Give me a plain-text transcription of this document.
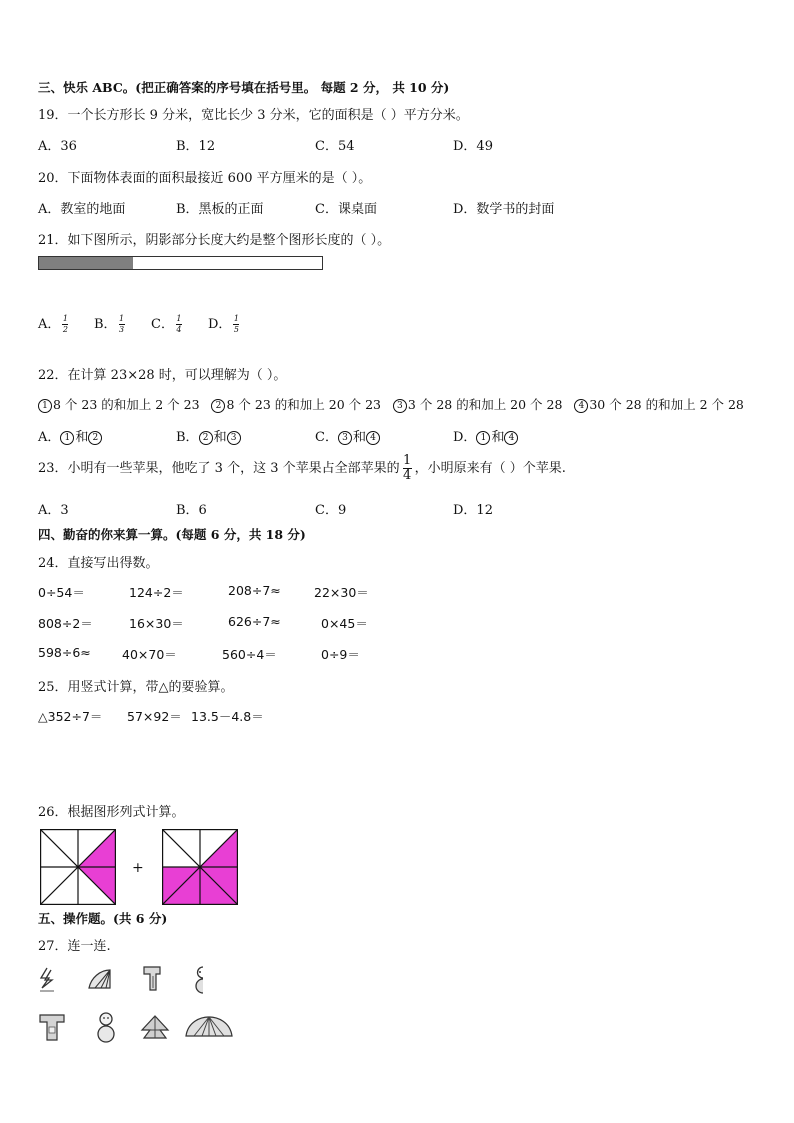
三、快乐 ABC。(把正确答案的序号填在括号里。 每题 2 分， 共 10 分)
19．一个长方形长 9 分米，宽比长少 3 分米，它的面积是（ ）平方分米。
A．36	B．12	C．54	D．49
20．下面物体表面的面积最接近 600 平方厘米的是（ ）。
A．教室的地面	B．黑板的正面	C．课桌面	D．数学书的封面
21．如下图所示，阴影部分长度大约是整个图形长度的（ ）。
A． $\frac{1}{2}$ B． $\frac{1}{3}$ C． $\frac{1}{4}$ D． $\frac{1}{5}$
22．在计算 23×28 时，可以理解为（ ）。
1 8 个 23 的和加上 2 个 23 2 8 个 23 的和加上 20 个 23 3 3 个 28 的和加上 20 个 28 4 30 个 28 的和加上 2 个 28
A． 1 和 2	B． 2 和 3	C． 3 和 4	D． 1 和 4
23．小明有一些苹果，他吃了 3 个，这 3 个苹果占全部苹果的 $\frac{1}{4}$ ，小明原来有（ ）个苹果.
A．3	B．6	C．9	D．12
四、勤奋的你来算一算。(每题 6 分，共 18 分)
24．直接写出得数。
0÷54＝	124÷2＝	208÷7≈	22×30＝
808÷2＝	16×30＝	626÷7≈	0×45＝
598÷6≈ 40×70＝	560÷4＝	0÷9＝
25．用竖式计算，带△的要验算。
△352÷7＝ 57×92＝ 13.5－4.8＝
26．根据图形列式计算。
+
五、操作题。(共 6 分)
27．连一连.
